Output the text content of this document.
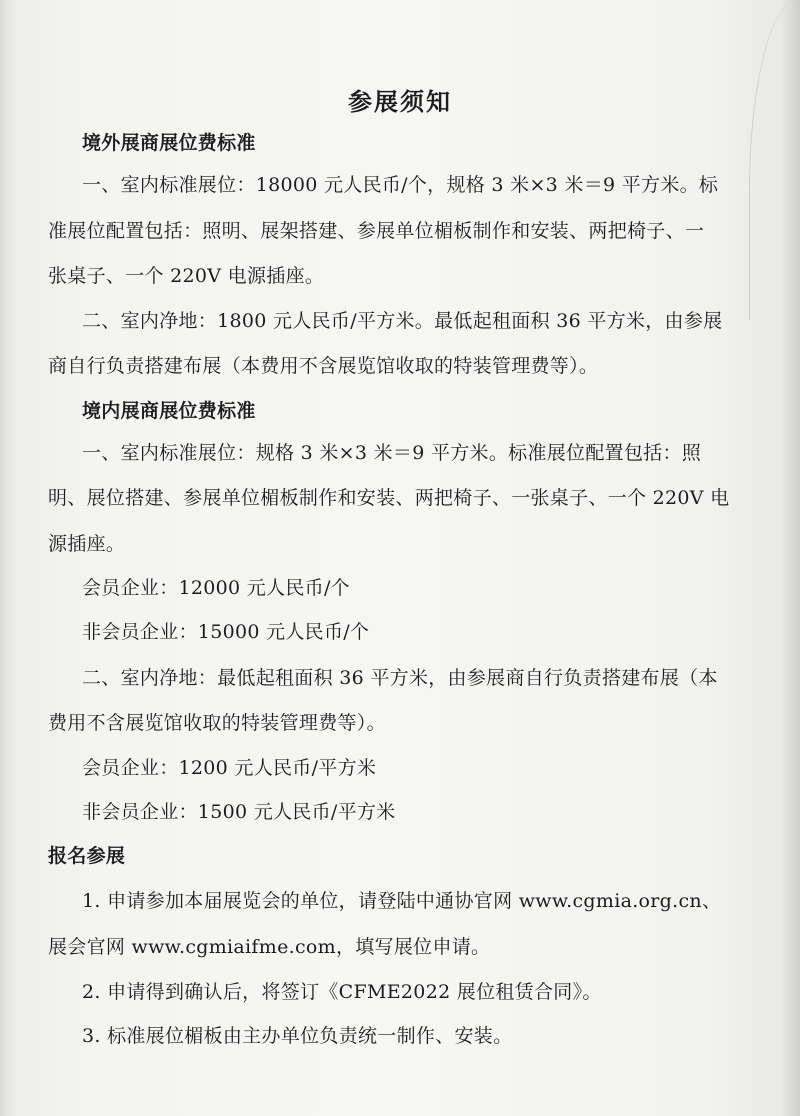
参展须知
境外展商展位费标准
一、室内标准展位：18000 元人民币/个，规格 3 米×3 米＝9 平方米。标
准展位配置包括：照明、展架搭建、参展单位楣板制作和安装、两把椅子、一
张桌子、一个 220V 电源插座。
二、室内净地：1800 元人民币/平方米。最低起租面积 36 平方米，由参展
商自行负责搭建布展（本费用不含展览馆收取的特装管理费等）。
境内展商展位费标准
一、室内标准展位：规格 3 米×3 米＝9 平方米。标准展位配置包括：照
明、展位搭建、参展单位楣板制作和安装、两把椅子、一张桌子、一个 220V 电
源插座。
会员企业：12000 元人民币/个
非会员企业：15000 元人民币/个
二、室内净地：最低起租面积 36 平方米，由参展商自行负责搭建布展（本
费用不含展览馆收取的特装管理费等）。
会员企业：1200 元人民币/平方米
非会员企业：1500 元人民币/平方米
报名参展
1. 申请参加本届展览会的单位，请登陆中通协官网 www.cgmia.org.cn、
展会官网 www.cgmiaifme.com，填写展位申请。
2. 申请得到确认后，将签订《CFME2022 展位租赁合同》。
3. 标准展位楣板由主办单位负责统一制作、安装。
